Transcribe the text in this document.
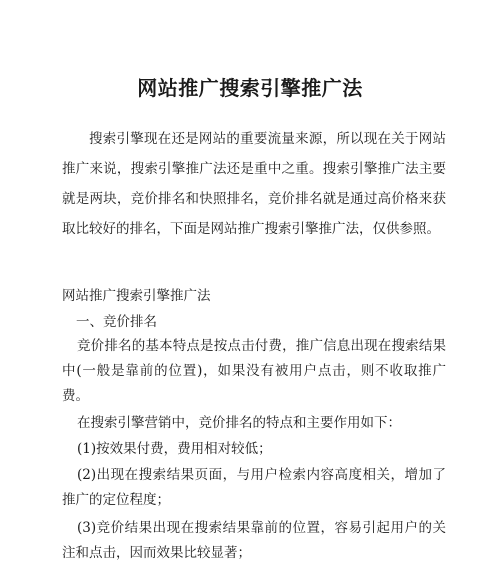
网站推广搜索引擎推广法
搜索引擎现在还是网站的重要流量来源，所以现在关于网站推广来说，搜索引擎推广法还是重中之重。搜索引擎推广法主要就是两块，竞价排名和快照排名，竞价排名就是通过高价格来获取比较好的排名，下面是网站推广搜索引擎推广法，仅供参照。
网站推广搜索引擎推广法
一、竞价排名
竞价排名的基本特点是按点击付费，推广信息出现在搜索结果中(一般是靠前的位置)，如果没有被用户点击，则不收取推广费。
在搜索引擎营销中，竞价排名的特点和主要作用如下：
(1)按效果付费，费用相对较低；
(2)出现在搜索结果页面，与用户检索内容高度相关，增加了推广的定位程度；
(3)竞价结果出现在搜索结果靠前的位置，容易引起用户的关注和点击，因而效果比较显著；
